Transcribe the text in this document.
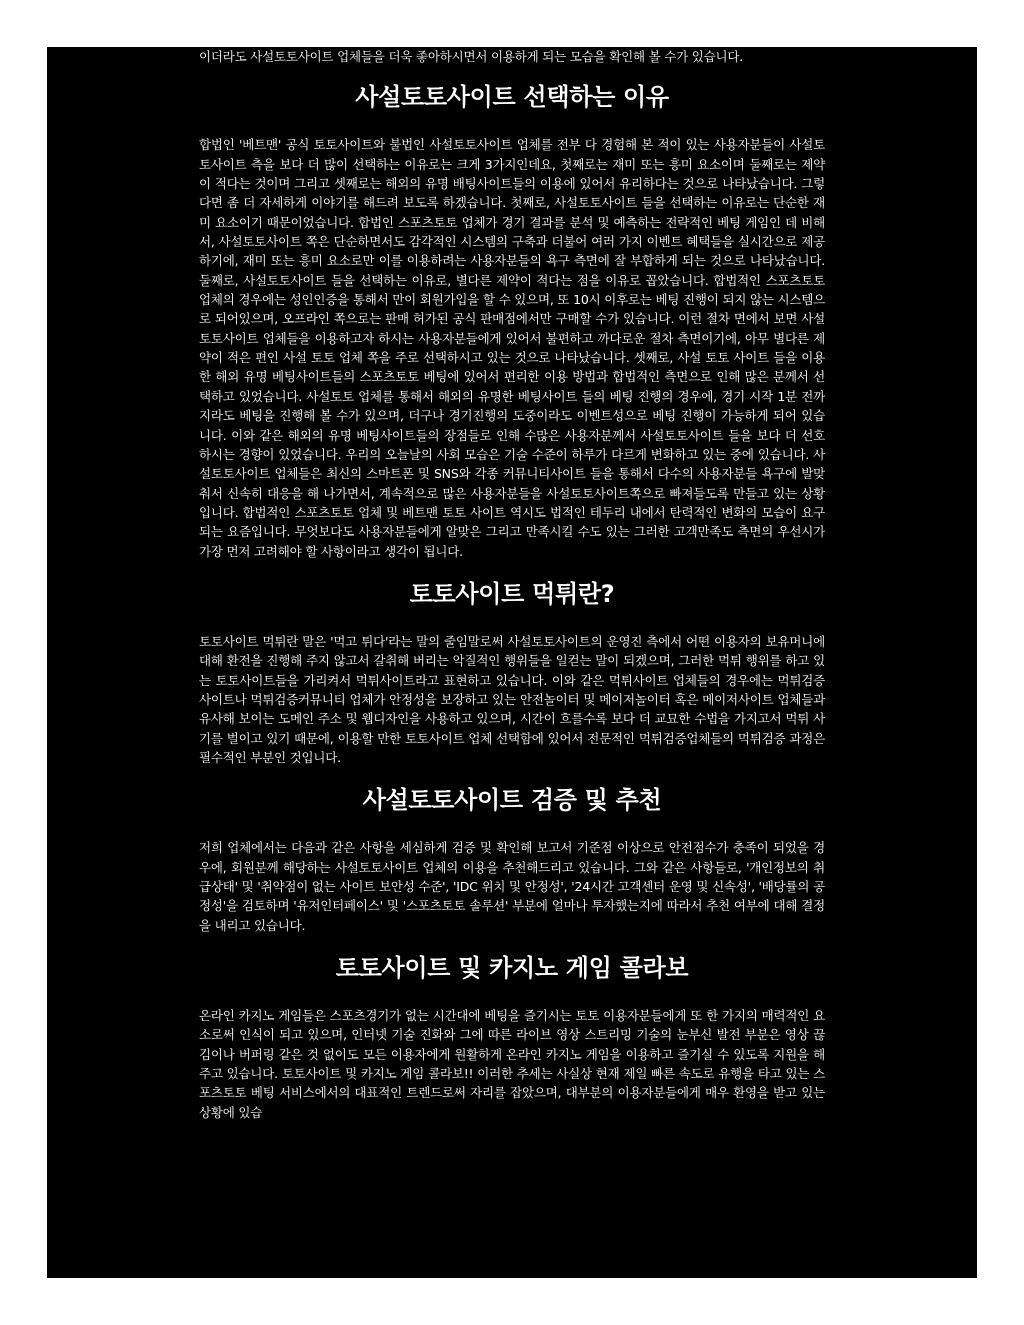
이더라도 사설토토사이트 업체들을 더욱 좋아하시면서 이용하게 되는 모습을 확인해 볼 수가 있습니다.

사설토토사이트 선택하는 이유

합법인 '베트맨' 공식 토토사이트와 불법인 사설토토사이트 업체를 전부 다 경험해 본 적이 있는 사용자분들이 사설토토사이트 측을 보다 더 많이 선택하는 이유로는 크게 3가지인데요, 첫째로는 재미 또는 흥미 요소이며 둘째로는 제약이 적다는 것이며 그리고 셋째로는 해외의 유명 배팅사이트들의 이용에 있어서 유리하다는 것으로 나타났습니다. 그렇다면 좀 더 자세하게 이야기를 해드려 보도록 하겠습니다. 첫째로, 사설토토사이트 들을 선택하는 이유로는 단순한 재미 요소이기 때문이었습니다. 합법인 스포츠토토 업체가 경기 결과를 분석 및 예측하는 전략적인 베팅 게임인 데 비해서, 사설토토사이트 쪽은 단순하면서도 감각적인 시스템의 구축과 더불어 여러 가지 이벤트 혜택들을 실시간으로 제공하기에, 재미 또는 흥미 요소로만 이를 이용하려는 사용자분들의 욕구 측면에 잘 부합하게 되는 것으로 나타났습니다. 둘째로, 사설토토사이트 들을 선택하는 이유로, 별다른 제약이 적다는 점을 이유로 꼽았습니다. 합법적인 스포츠토토 업체의 경우에는 성인인증을 통해서 만이 회원가입을 할 수 있으며, 또 10시 이후로는 베팅 진행이 되지 않는 시스템으로 되어있으며, 오프라인 쪽으로는 판매 허가된 공식 판매점에서만 구매할 수가 있습니다. 이런 절차 면에서 보면 사설토토사이트 업체들을 이용하고자 하시는 사용자분들에게 있어서 불편하고 까다로운 절차 측면이기에, 아무 별다른 제약이 적은 편인 사설 토토 업체 쪽을 주로 선택하시고 있는 것으로 나타났습니다. 셋째로, 사설 토토 사이트 들을 이용한 해외 유명 베팅사이트들의 스포츠토토 베팅에 있어서 편리한 이용 방법과 합법적인 측면으로 인해 많은 분께서 선택하고 있었습니다. 사설토토 업체를 통해서 해외의 유명한 베팅사이트 들의 베팅 진행의 경우에, 경기 시작 1분 전까지라도 베팅을 진행해 볼 수가 있으며, 더구나 경기진행의 도중이라도 이벤트성으로 베팅 진행이 가능하게 되어 있습니다. 이와 같은 해외의 유명 베팅사이트들의 장점들로 인해 수많은 사용자분께서 사설토토사이트 들을 보다 더 선호하시는 경향이 있었습니다. 우리의 오늘날의 사회 모습은 기술 수준이 하루가 다르게 변화하고 있는 중에 있습니다. 사설토토사이트 업체들은 최신의 스마트폰 및 SNS와 각종 커뮤니티사이트 들을 통해서 다수의 사용자분들 욕구에 발맞춰서 신속히 대응을 해 나가면서, 계속적으로 많은 사용자분들을 사설토토사이트쪽으로 빠져들도록 만들고 있는 상황입니다. 합법적인 스포츠토토 업체 및 베트맨 토토 사이트 역시도 법적인 테두리 내에서 탄력적인 변화의 모습이 요구되는 요즘입니다. 무엇보다도 사용자분들에게 알맞은 그리고 만족시킬 수도 있는 그러한 고객만족도 측면의 우선시가 가장 먼저 고려해야 할 사항이라고 생각이 됩니다.

토토사이트 먹튀란?

토토사이트 먹튀란 말은 '먹고 튀다'라는 말의 줄임말로써 사설토토사이트의 운영진 측에서 어떤 이용자의 보유머니에 대해 환전을 진행해 주지 않고서 갈취해 버리는 악질적인 행위들을 일컫는 말이 되겠으며, 그러한 먹튀 행위를 하고 있는 토토사이트들을 가리켜서 먹튀사이트라고 표현하고 있습니다. 이와 같은 먹튀사이트 업체들의 경우에는 먹튀검증사이트나 먹튀검증커뮤니티 업체가 안정성을 보장하고 있는 안전놀이터 및 메이저놀이터 혹은 메이저사이트 업체들과 유사해 보이는 도메인 주소 및 웹디자인을 사용하고 있으며, 시간이 흐를수록 보다 더 교묘한 수법을 가지고서 먹튀 사기를 벌이고 있기 때문에, 이용할 만한 토토사이트 업체 선택함에 있어서 전문적인 먹튀검증업체들의 먹튀검증 과정은 필수적인 부분인 것입니다.

사설토토사이트 검증 및 추천

저희 업체에서는 다음과 같은 사항을 세심하게 검증 및 확인해 보고서 기준점 이상으로 안전점수가 충족이 되었을 경우에, 회원분께 해당하는 사설토토사이트 업체의 이용을 추천해드리고 있습니다. 그와 같은 사항들로, '개인정보의 취급상태' 및 '취약점이 없는 사이트 보안성 수준', 'IDC 위치 및 안정성', '24시간 고객센터 운영 및 신속성', '배당률의 공정성'을 검토하며 '유저인터페이스' 및 '스포츠토토 솔루션' 부분에 얼마나 투자했는지에 따라서 추천 여부에 대해 결정을 내리고 있습니다.

토토사이트 및 카지노 게임 콜라보

온라인 카지노 게임들은 스포츠경기가 없는 시간대에 베팅을 즐기시는 토토 이용자분들에게 또 한 가지의 매력적인 요소로써 인식이 되고 있으며, 인터넷 기술 진화와 그에 따른 라이브 영상 스트리밍 기술의 눈부신 발전 부분은 영상 끊김이나 버퍼링 같은 것 없이도 모든 이용자에게 원활하게 온라인 카지노 게임을 이용하고 즐기실 수 있도록 지원을 해주고 있습니다. 토토사이트 및 카지노 게임 콜라보!! 이러한 추세는 사실상 현재 제일 빠른 속도로 유행을 타고 있는 스포츠토토 베팅 서비스에서의 대표적인 트렌드로써 자리를 잡았으며, 대부분의 이용자분들에게 매우 환영을 받고 있는 상황에 있습
